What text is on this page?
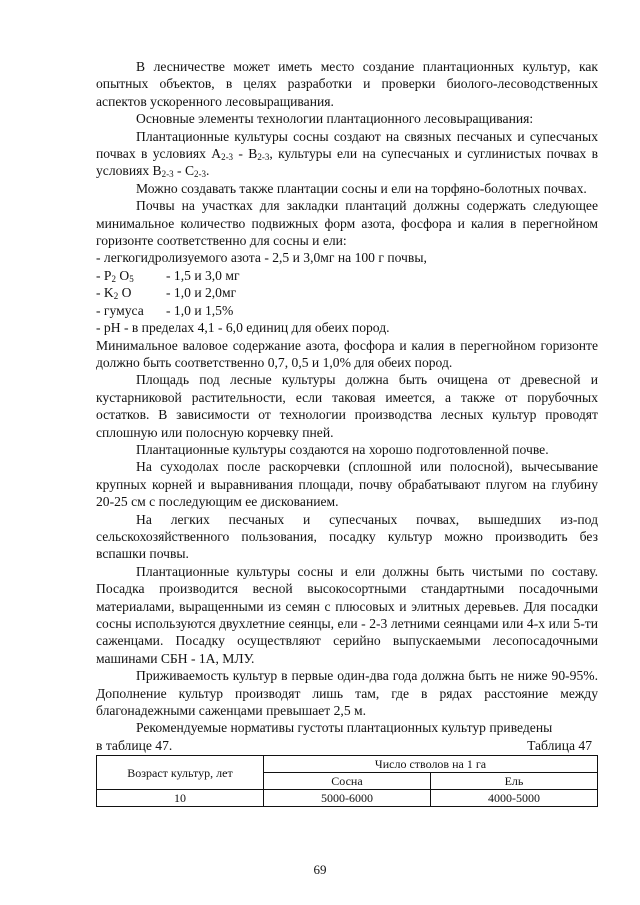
В лесничестве может иметь место создание плантационных культур, как опытных объектов, в целях разработки и проверки биолого-лесоводственных аспектов ускоренного лесовыращивания.

Основные элементы технологии плантационного лесовыращивания:

Плантационные культуры сосны создают на связных песчаных и супесчаных почвах в условиях $А_{2-3} - В_{2-3}$, культуры ели на супесчаных и суглинистых почвах в условиях $В_{2-3} - С_{2-3}$.

Можно создавать также плантации сосны и ели на торфяно-болотных почвах.

Почвы на участках для закладки плантаций должны содержать следующее минимальное количество подвижных форм азота, фосфора и калия в перегнойном горизонте соответственно для сосны и ели:

- легкогидролизуемого азота - 2,5 и 3,0мг на 100 г почвы,

- $P_2$ $O_5 - 1,5$ и 3,0 мг

- $K_2$ O	- 1,0 и 2,0мг

- гумуса - 1,0 и 1,5%

- pH - в пределах 4,1 - 6,0 единиц для обеих пород.

Минимальное валовое содержание азота, фосфора и калия в перегнойном горизонте должно быть соответственно 0,7, 0,5 и 1,0% для обеих пород.

Площадь под лесные культуры должна быть очищена от древесной и кустарниковой растительности, если таковая имеется, а также от порубочных остатков. В зависимости от технологии производства лесных культур проводят сплошную или полосную корчевку пней.

Плантационные культуры создаются на хорошо подготовленной почве.

На суходолах после раскорчевки (сплошной или полосной), вычесывание крупных корней и выравнивания площади, почву обрабатывают плугом на глубину 20-25 см с последующим ее дискованием.

На легких песчаных и супесчаных почвах, вышедших из-под сельскохозяйственного пользования, посадку культур можно производить без вспашки почвы.

Плантационные культуры сосны и ели должны быть чистыми по составу. Посадка производится весной высокосортными стандартными посадочными материалами, выращенными из семян с плюсовых и элитных деревьев. Для посадки сосны используются двухлетние сеянцы, ели - 2-3 летними сеянцами или 4-х или 5-ти саженцами. Посадку осуществляют серийно выпускаемыми лесопосадочными машинами СБН - 1А, МЛУ.

Приживаемость культур в первые один-два года должна быть не ниже 90-95%. Дополнение культур производят лишь там, где в рядах расстояние между благонадежными саженцами превышает 2,5 м.

Рекомендуемые нормативы густоты плантационных культур приведены

в таблице 47.	Таблица 47
Возраст культур, лет	Число стволов на 1 га	
	Сосна	Ель
10	5000-6000	4000-5000
69
